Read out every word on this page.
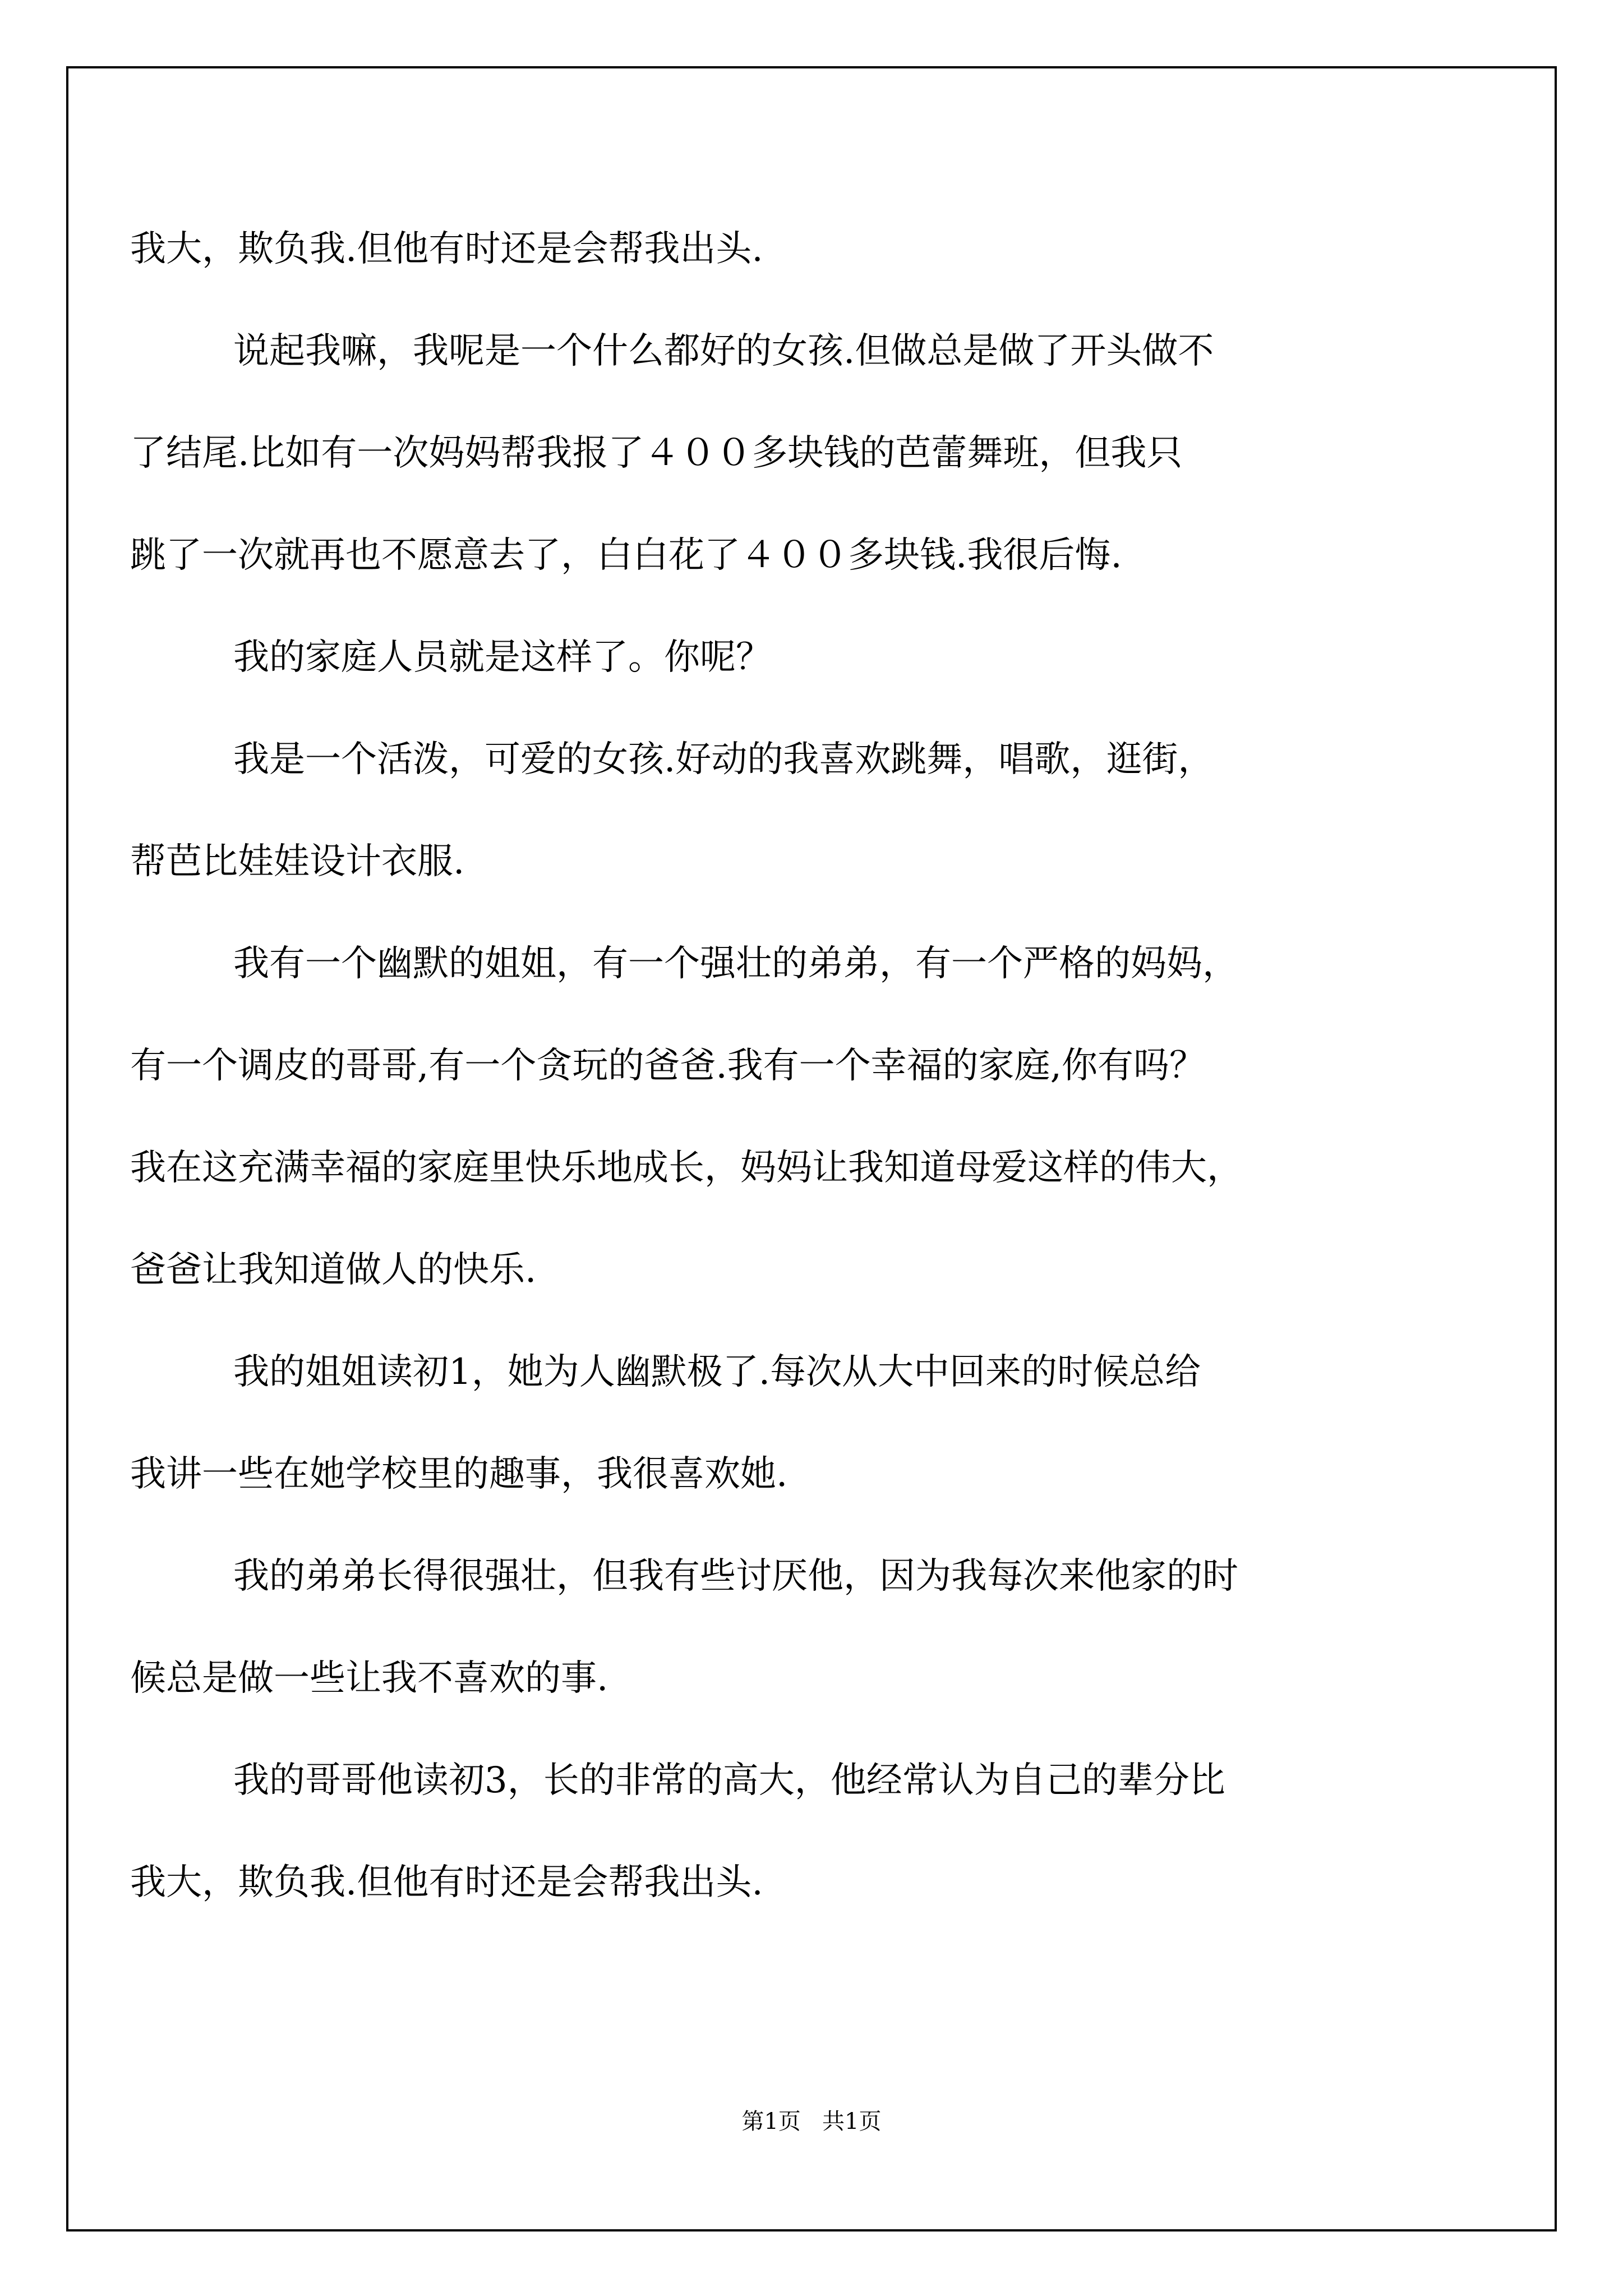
我大，欺负我.但他有时还是会帮我出头.
说起我嘛，我呢是一个什么都好的女孩.但做总是做了开头做不
了结尾.比如有一次妈妈帮我报了４００多块钱的芭蕾舞班，但我只
跳了一次就再也不愿意去了，白白花了４００多块钱.我很后悔.
我的家庭人员就是这样了。你呢？
我是一个活泼，可爱的女孩.好动的我喜欢跳舞，唱歌，逛街，
帮芭比娃娃设计衣服.
我有一个幽默的姐姐，有一个强壮的弟弟，有一个严格的妈妈，
有一个调皮的哥哥,有一个贪玩的爸爸.我有一个幸福的家庭,你有吗？
我在这充满幸福的家庭里快乐地成长，妈妈让我知道母爱这样的伟大，
爸爸让我知道做人的快乐.
我的姐姐读初1，她为人幽默极了.每次从大中回来的时候总给
我讲一些在她学校里的趣事，我很喜欢她.
我的弟弟长得很强壮，但我有些讨厌他，因为我每次来他家的时
候总是做一些让我不喜欢的事.
我的哥哥他读初3，长的非常的高大，他经常认为自己的辈分比
我大，欺负我.但他有时还是会帮我出头.
第1页   共1页
